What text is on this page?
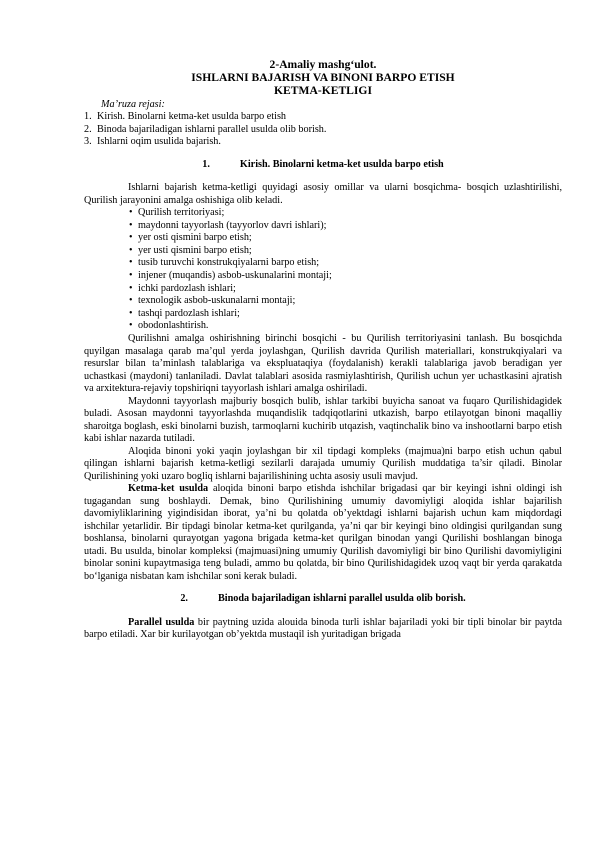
2-Amaliy mashg‘ulot.
ISHLARNI BAJARISH VA BINONI BARPO ETISH
KETMA-KETLIGI
Ma’ruza rejasi:
1. Kirish. Binolarni ketma-ket usulda barpo etish
2. Binoda bajariladigan ishlarni parallel usulda olib borish.
3. Ishlarni oqim usulida bajarish.
1.	Kirish. Binolarni ketma-ket usulda barpo etish

Ishlarni bajarish ketma-ketligi quyidagi asosiy omillar va ularni bosqichma- bosqich uzlashtirilishi, Qurilish jarayonini amalga oshishiga olib keladi.

• Qurilish territoriyasi;
• maydonni tayyorlash (tayyorlov davri ishlari);
• yer osti qismini barpo etish;
• yer usti qismini barpo etish;
• tusib turuvchi konstrukqiyalarni barpo etish;
• injener (muqandis) asbob-uskunalarini montaji;
• ichki pardozlash ishlari;
• texnologik asbob-uskunalarni montaji;
• tashqi pardozlash ishlari;
• obodonlashtirish.

Qurilishni amalga oshirishning birinchi bosqichi - bu Qurilish territoriyasini tanlash. Bu bosqichda quyilgan masalaga qarab ma’qul yerda joylashgan, Qurilish davrida Qurilish materiallari, konstrukqiyalari va resurslar bilan ta’minlash talablariga va ekspluataqiya (foydalanish) kerakli talablariga javob beradigan yer uchastkasi (maydoni) tanlaniladi. Davlat talablari asosida rasmiylashtirish, Qurilish uchun yer uchastkasini ajratish va arxitektura-rejaviy topshiriqni tayyorlash ishlari amalga oshiriladi.

Maydonni tayyorlash majburiy bosqich bulib, ishlar tarkibi buyicha sanoat va fuqaro Qurilishidagidek buladi. Asosan maydonni tayyorlashda muqandislik tadqiqotlarini utkazish, barpo etilayotgan binoni maqalliy sharoitga boglash, eski binolarni buzish, tarmoqlarni kuchirib utqazish, vaqtinchalik bino va inshootlarni barpo etish kabi ishlar nazarda tutiladi.

Aloqida binoni yoki yaqin joylashgan bir xil tipdagi kompleks (majmua)ni barpo etish uchun qabul qilingan ishlarni bajarish ketma-ketligi sezilarli darajada umumiy Qurilish muddatiga ta’sir qiladi. Binolar Qurilishining yoki uzaro bogliq ishlarni bajarilishining uchta asosiy usuli mavjud.

Ketma-ket usulda aloqida binoni barpo etishda ishchilar brigadasi qar bir keyingi ishni oldingi ish tugagandan sung boshlaydi. Demak, bino Qurilishining umumiy davomiyligi aloqida ishlar bajarilish davomiyliklarining yigindisidan iborat, ya’ni bu qolatda ob’yektdagi ishlarni bajarish uchun kam miqdordagi ishchilar yetarlidir. Bir tipdagi binolar ketma-ket qurilganda, ya’ni qar bir keyingi bino oldingisi qurilgandan sung boshlansa, binolarni qurayotgan yagona brigada ketma-ket qurilgan binodan yangi Qurilishi boshlangan binoga utadi. Bu usulda, binolar kompleksi (majmuasi)ning umumiy Qurilish davomiyligi bir bino Qurilishi davomiyligini binolar sonini kupaytmasiga teng buladi, ammo bu qolatda, bir bino Qurilishidagidek uzoq vaqt bir yerda qarakatda bo‘lganiga nisbatan kam ishchilar soni kerak buladi.

2.	Binoda bajariladigan ishlarni parallel usulda olib borish.

Parallel usulda bir paytning uzida alouida binoda turli ishlar bajariladi yoki bir tipli binolar bir paytda barpo etiladi. Xar bir kurilayotgan ob’yektda mustaqil ish yuritadigan brigada
